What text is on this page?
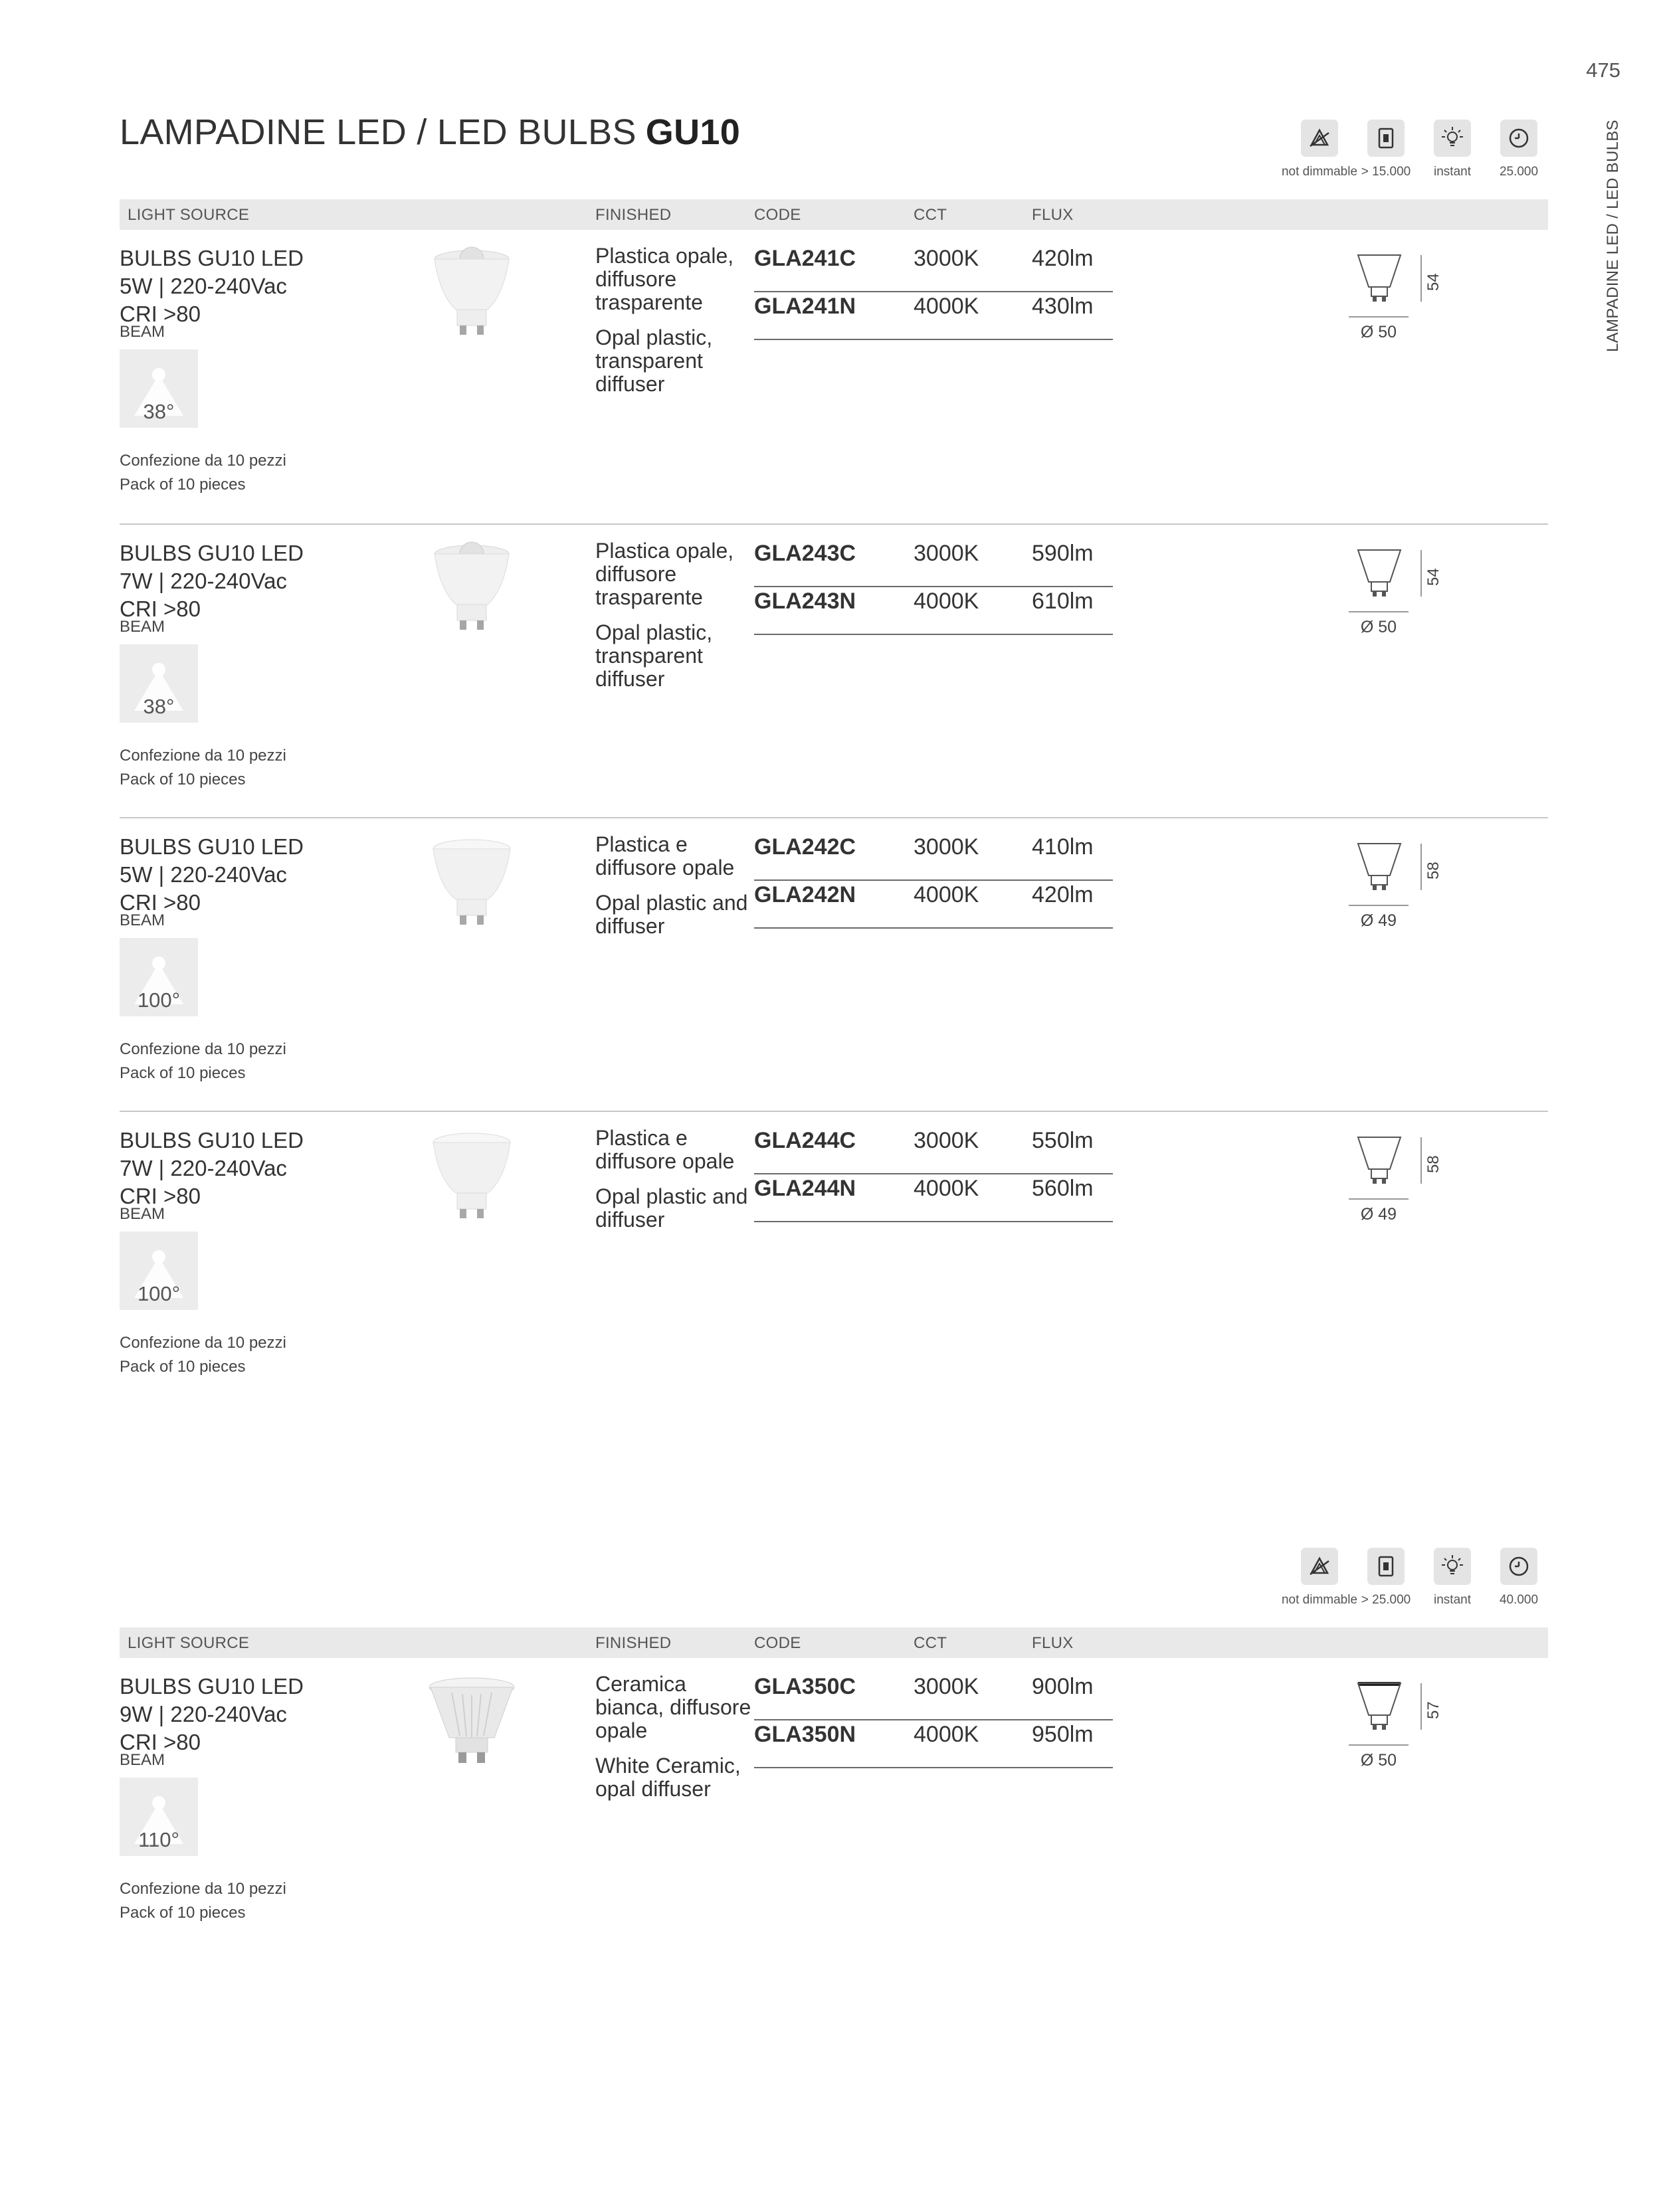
475
LAMPADINE LED / LED BULBS
LAMPADINE LED / LED BULBS GU10
not dimmable > 15.000 instant 25.000
LIGHT SOURCE	FINISHED	CODE	CCT	FLUX
BULBS GU10 LED
5W | 220-240Vac
CRI >80
BEAM
38°
Confezione da 10 pezzi
Pack of 10 pieces
Plastica opale, diffusore trasparente
Opal plastic, transparent diffuser
GLA241C	3000K 420lm
GLA241N	4000K 430lm
54
Ø 50
BULBS GU10 LED
7W | 220-240Vac
CRI >80
BEAM
38°
Confezione da 10 pezzi
Pack of 10 pieces
Plastica opale, diffusore trasparente
Opal plastic, transparent diffuser
GLA243C	3000K 590lm
GLA243N	4000K 610lm
54
Ø 50
BULBS GU10 LED
5W | 220-240Vac
CRI >80
BEAM
100°
Confezione da 10 pezzi
Pack of 10 pieces
Plastica e diffusore opale
Opal plastic and diffuser
GLA242C	3000K 410lm
GLA242N	4000K 420lm
58
Ø 49
BULBS GU10 LED
7W | 220-240Vac
CRI >80
BEAM
100°
Confezione da 10 pezzi
Pack of 10 pieces
Plastica e diffusore opale
Opal plastic and diffuser
GLA244C	3000K 550lm
GLA244N	4000K 560lm
58
Ø 49
BULBS GU10 LED
9W | 220-240Vac
CRI >80
BEAM
110°
Confezione da 10 pezzi
Pack of 10 pieces
Ceramica bianca, diffusore opale
White Ceramic, opal diffuser
GLA350C	3000K 900lm
GLA350N	4000K 950lm
57
Ø 50
not dimmable > 25.000 instant 40.000
LIGHT SOURCE	FINISHED	CODE	CCT	FLUX
